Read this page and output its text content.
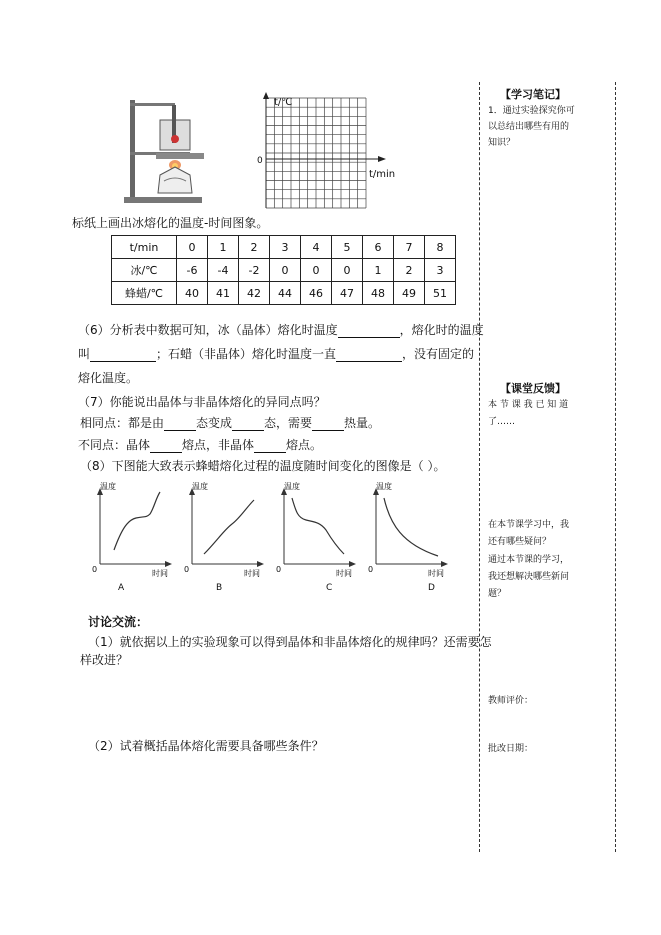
t/℃
0
t/min
标纸上画出冰熔化的温度-时间图象。
t/min	0	1	2	3	4	5	6	7	8
冰/℃	-6	-4	-2	0	0	0	1	2	3
蜂蜡/℃	40	41	42	44	46	47	48	49	51
（6）分析表中数据可知，冰（晶体）熔化时温度	，熔化时的温度
叫	；石蜡（非晶体）熔化时温度一直	，没有固定的
熔化温度。
（7）你能说出晶体与非晶体熔化的异同点吗？
相同点：都是由	态变成	态，需要	热量。
不同点：晶体	熔点，非晶体	熔点。
（8）下图能大致表示蜂蜡熔化过程的温度随时间变化的图像是（ ）。
温度	温度	温度	温度
0	0	0	0
时间	时间	时间	时间
A	B	C	D
讨论交流：
（1）就依据以上的实验现象可以得到晶体和非晶体熔化的规律吗？还需要怎
样改进？
（2）试着概括晶体熔化需要具备哪些条件？
【学习笔记】
1．通过实验探究你可
以总结出哪些有用的
知识？
【课堂反馈】
本 节 课 我 已 知 道
了……
在本节课学习中，我
还有哪些疑问？
通过本节课的学习，
我还想解决哪些新问
题？
教师评价：
批改日期：
